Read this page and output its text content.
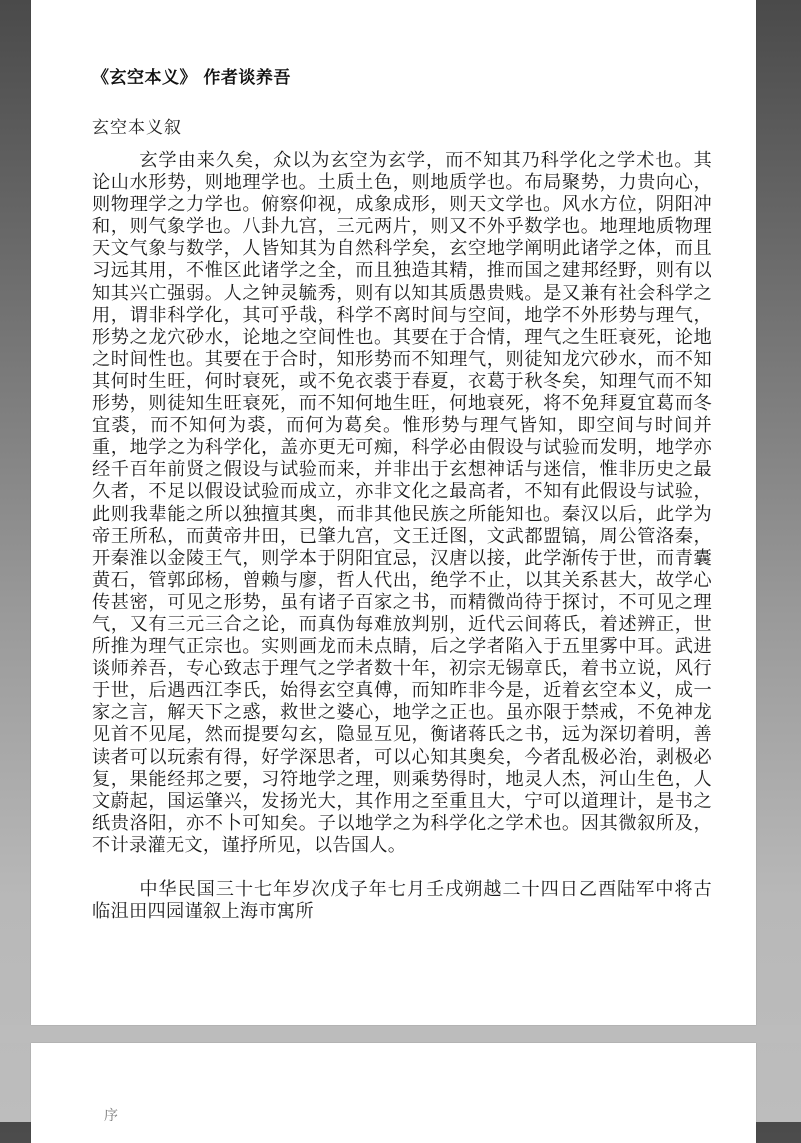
《玄空本义》 作者谈养吾
玄空本义叙

玄学由来久矣，众以为玄空为玄学，而不知其乃科学化之学术也。其论山水形势，则地理学也。土质土色，则地质学也。布局聚势，力贵向心，则物理学之力学也。俯察仰视，成象成形，则天文学也。风水方位，阴阳冲和，则气象学也。八卦九宫，三元两片，则又不外乎数学也。地理地质物理天文气象与数学，人皆知其为自然科学矣，玄空地学阐明此诸学之体，而且习远其用，不惟区此诸学之全，而且独造其精，推而国之建邦经野，则有以知其兴亡强弱。人之钟灵毓秀，则有以知其质愚贵贱。是又兼有社会科学之用，谓非科学化，其可乎哉，科学不离时间与空间，地学不外形势与理气，形势之龙穴砂水，论地之空间性也。其要在于合情，理气之生旺衰死，论地之时间性也。其要在于合时，知形势而不知理气，则徒知龙穴砂水，而不知其何时生旺，何时衰死，或不免衣裘于春夏，衣葛于秋冬矣，知理气而不知形势，则徒知生旺衰死，而不知何地生旺，何地衰死，将不免拜夏宜葛而冬宜裘，而不知何为裘，而何为葛矣。惟形势与理气皆知，即空间与时间并重，地学之为科学化，盖亦更无可痴，科学必由假设与试验而发明，地学亦经千百年前贤之假设与试验而来，并非出于玄想神话与迷信，惟非历史之最久者，不足以假设试验而成立，亦非文化之最高者，不知有此假设与试验，此则我辈能之所以独擅其奥，而非其他民族之所能知也。秦汉以后，此学为帝王所私，而黄帝井田，已肇九宫，文王迁图，文武都盟镐，周公管洛秦，开秦淮以金陵王气，则学本于阴阳宜忌，汉唐以接，此学渐传于世，而青囊黄石，管郭邱杨，曾赖与廖，哲人代出，绝学不止，以其关系甚大，故学心传甚密，可见之形势，虽有诸子百家之书，而精微尚待于探讨，不可见之理气，又有三元三合之论，而真伪每难放判别，近代云间蒋氏，着述辨正，世所推为理气正宗也。实则画龙而未点睛，后之学者陷入于五里雾中耳。武进谈师养吾，专心致志于理气之学者数十年，初宗无锡章氏，着书立说，风行于世，后遇西江李氏，始得玄空真傅，而知昨非今是，近着玄空本义，成一家之言，解天下之惑，救世之婆心，地学之正也。虽亦限于禁戒，不免神龙见首不见尾，然而提要勾玄，隐显互见，衡诸蒋氏之书，远为深切着明，善读者可以玩索有得，好学深思者，可以心知其奥矣，今者乱极必治，剥极必复，果能经邦之要，习符地学之理，则乘势得时，地灵人杰，河山生色，人文蔚起，国运肇兴，发扬光大，其作用之至重且大，宁可以道理计，是书之纸贵洛阳，亦不卜可知矣。子以地学之为科学化之学术也。因其微叙所及，不计录灌无文，谨抒所见，以告国人。

中华民国三十七年岁次戊子年七月壬戌朔越二十四日乙酉陆军中将古临沮田四园谨叙上海市寓所

序
